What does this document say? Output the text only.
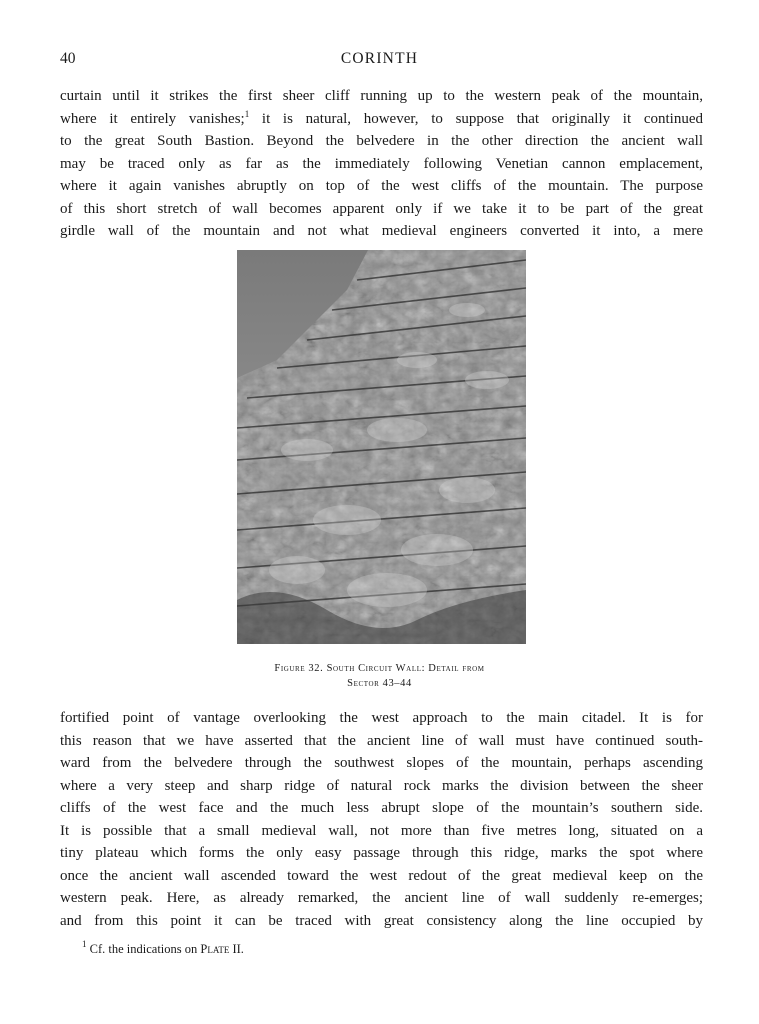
40	CORINTH
curtain until it strikes the first sheer cliff running up to the western peak of the mountain,
where it entirely vanishes;$^1$ it is natural, however, to suppose that originally it continued
to the great South Bastion. Beyond the belvedere in the other direction the ancient wall
may be traced only as far as the immediately following Venetian cannon emplacement,
where it again vanishes abruptly on top of the west cliffs of the mountain. The purpose
of this short stretch of wall becomes apparent only if we take it to be part of the great
girdle wall of the mountain and not what medieval engineers converted it into, a mere
Figure 32. South Circuit Wall: Detail from
Sector 43–44
fortified point of vantage overlooking the west approach to the main citadel. It is for
this reason that we have asserted that the ancient line of wall must have continued south-
ward from the belvedere through the southwest slopes of the mountain, perhaps ascending
where a very steep and sharp ridge of natural rock marks the division between the sheer
cliffs of the west face and the much less abrupt slope of the mountain’s southern side.
It is possible that a small medieval wall, not more than five metres long, situated on a
tiny plateau which forms the only easy passage through this ridge, marks the spot where
once the ancient wall ascended toward the west redout of the great medieval keep on the
western peak. Here, as already remarked, the ancient line of wall suddenly re-emerges;
and from this point it can be traced with great consistency along the line occupied by
$^1$ Cf. the indications on Plate II.
